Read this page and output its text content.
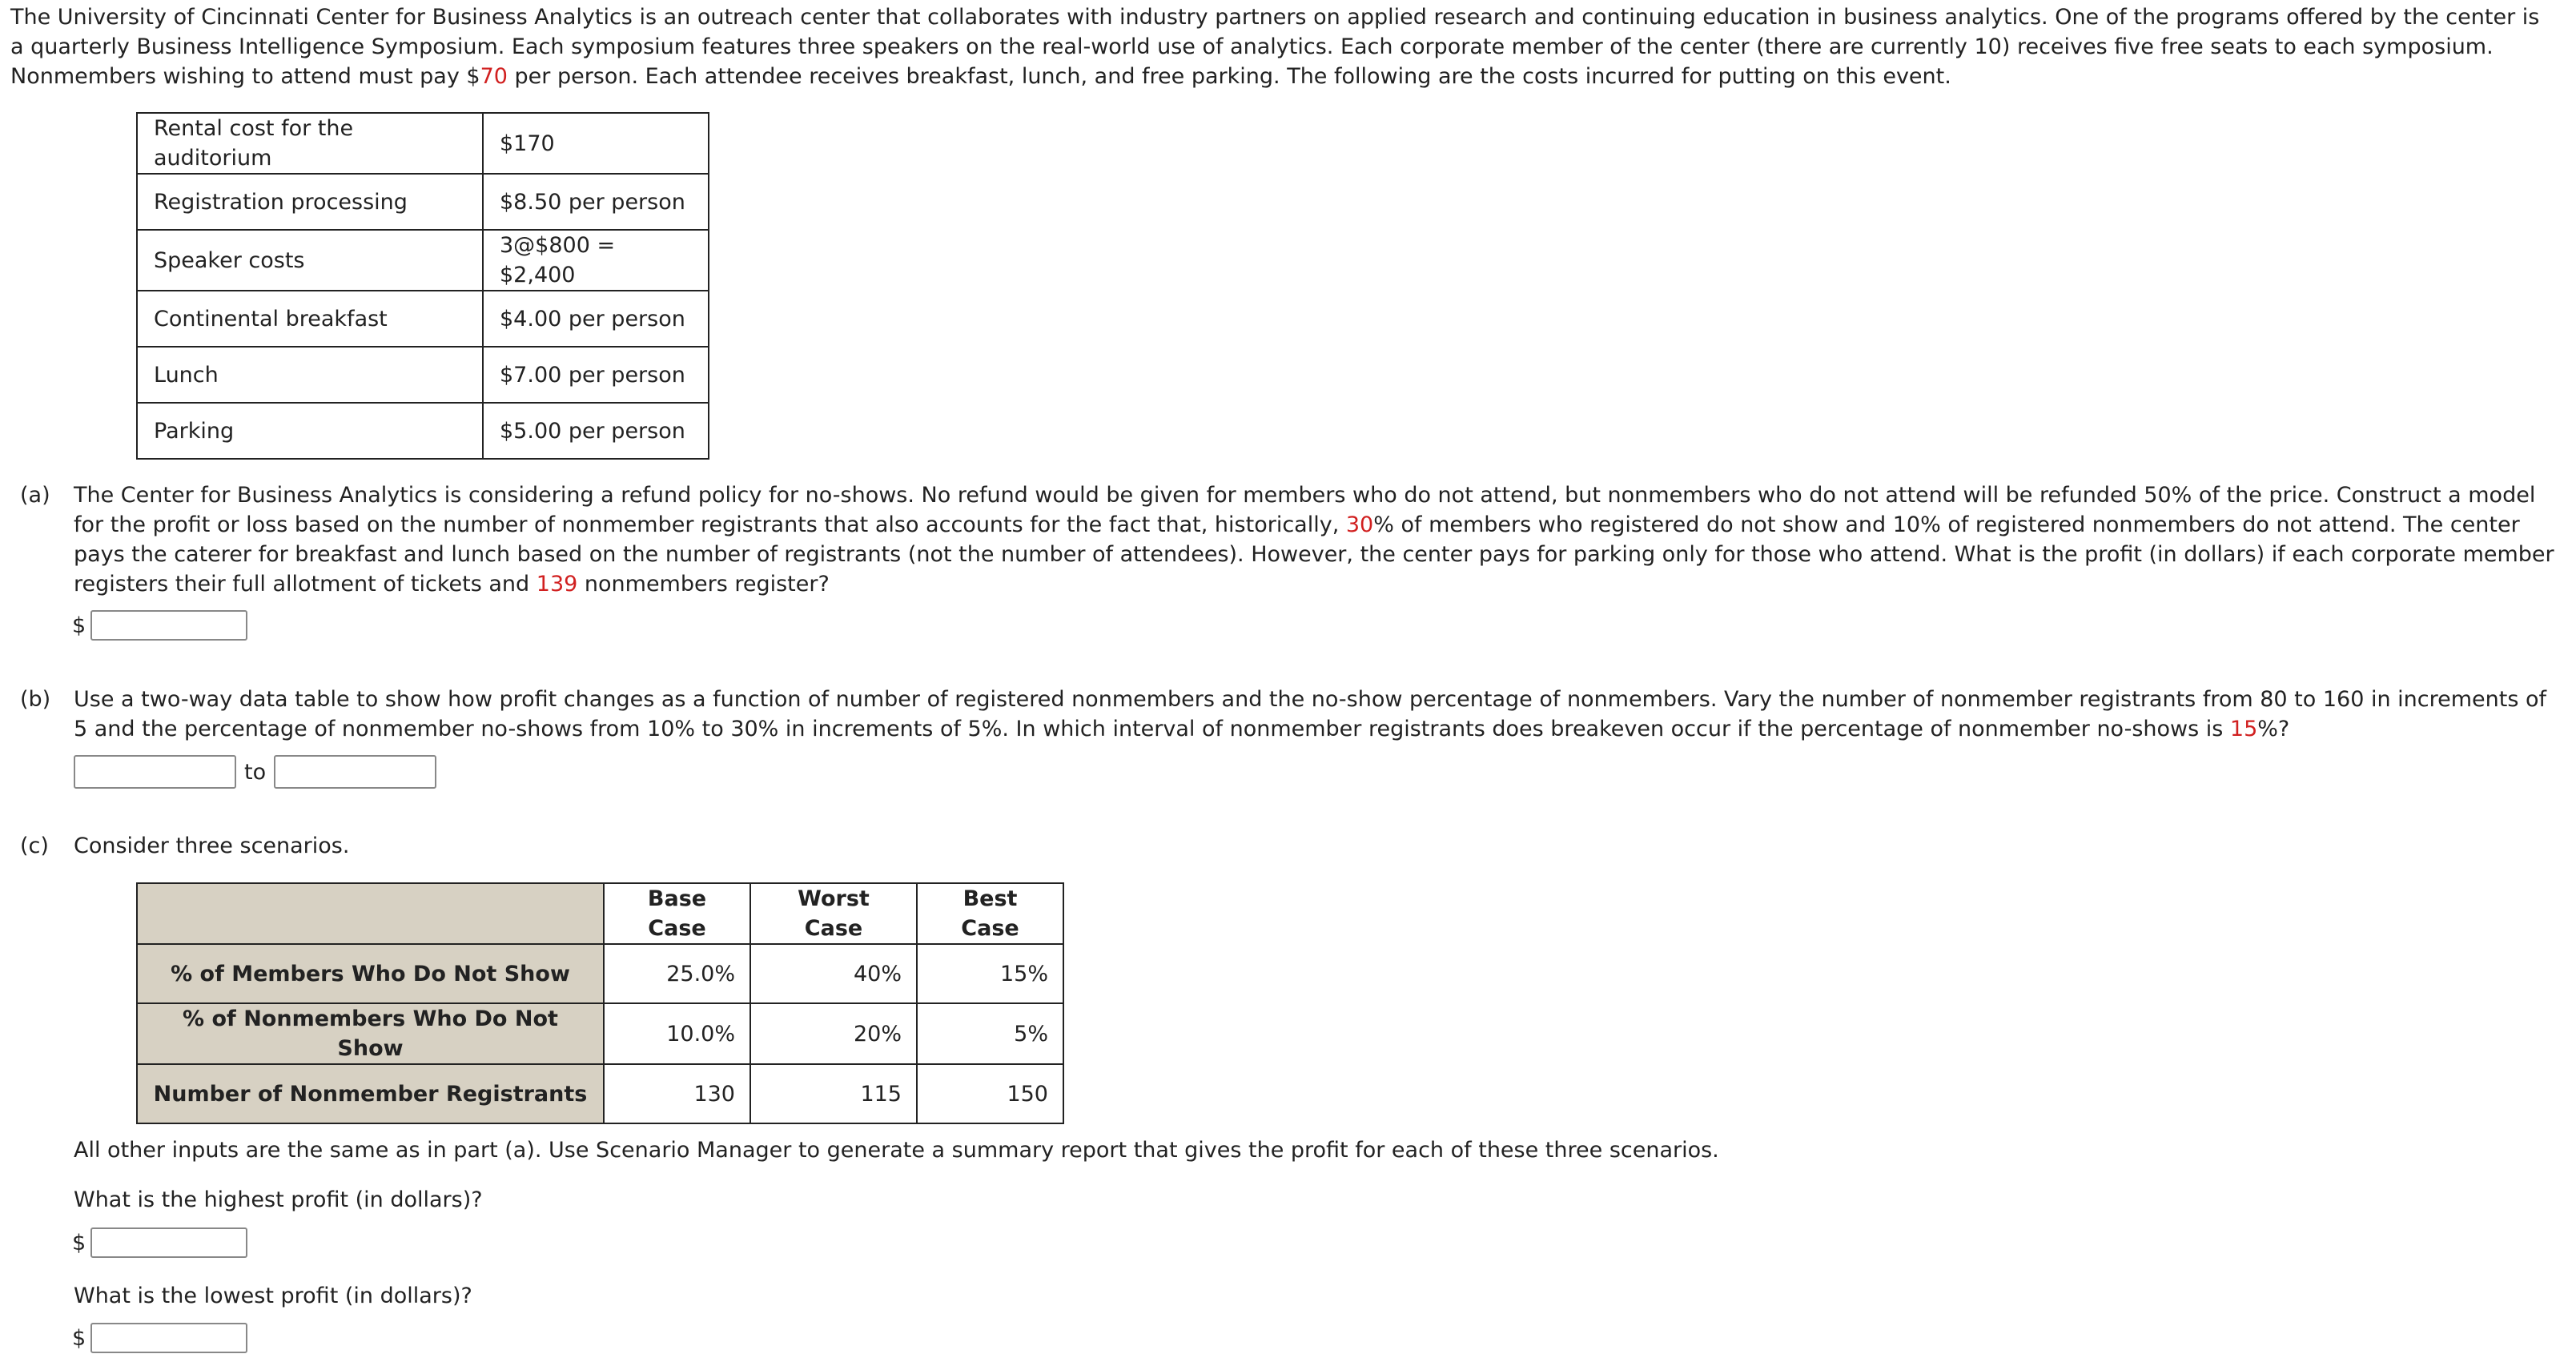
The University of Cincinnati Center for Business Analytics is an outreach center that collaborates with industry partners on applied research and continuing education in business analytics. One of the programs offered by the center is a quarterly Business Intelligence Symposium. Each symposium features three speakers on the real-world use of analytics. Each corporate member of the center (there are currently 10) receives five free seats to each symposium. Nonmembers wishing to attend must pay $70 per person. Each attendee receives breakfast, lunch, and free parking. The following are the costs incurred for putting on this event.
Rental cost for the auditorium	$170
Registration processing	$8.50 per person
Speaker costs	3@$800 = $2,400
Continental breakfast	$4.00 per person
Lunch	$7.00 per person
Parking	$5.00 per person
(a) The Center for Business Analytics is considering a refund policy for no-shows. No refund would be given for members who do not attend, but nonmembers who do not attend will be refunded 50% of the price. Construct a model for the profit or loss based on the number of nonmember registrants that also accounts for the fact that, historically, 30% of members who registered do not show and 10% of registered nonmembers do not attend. The center pays the caterer for breakfast and lunch based on the number of registrants (not the number of attendees). However, the center pays for parking only for those who attend. What is the profit (in dollars) if each corporate member registers their full allotment of tickets and 139 nonmembers register?
$
(b) Use a two-way data table to show how profit changes as a function of number of registered nonmembers and the no-show percentage of nonmembers. Vary the number of nonmember registrants from 80 to 160 in increments of 5 and the percentage of nonmember no-shows from 10% to 30% in increments of 5%. In which interval of nonmember registrants does breakeven occur if the percentage of nonmember no-shows is 15%?
to
(c) Consider three scenarios.
	Base Case	Worst Case	Best Case
% of Members Who Do Not Show	25.0%	40%	15%
% of Nonmembers Who Do Not Show	10.0%	20%	5%
Number of Nonmember Registrants	130	115	150
All other inputs are the same as in part (a). Use Scenario Manager to generate a summary report that gives the profit for each of these three scenarios.
What is the highest profit (in dollars)?
$
What is the lowest profit (in dollars)?
$
